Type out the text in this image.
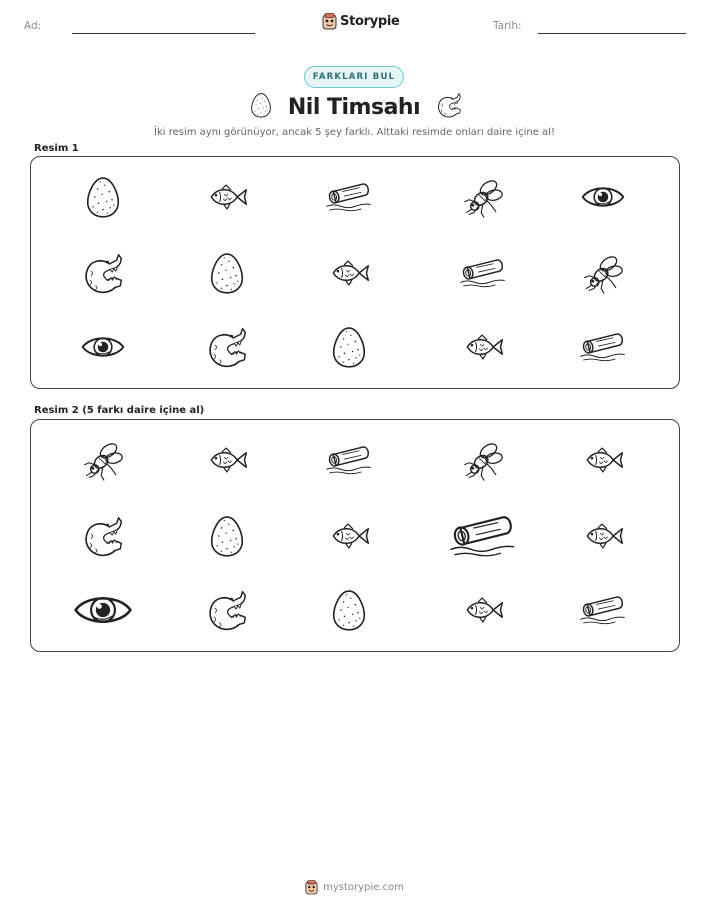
Ad:	Storypie	Tarih:
FARKLARI BUL
Nil Timsahı
İki resim aynı görünüyor, ancak 5 şey farklı. Alttaki resimde onları daire içine al!
Resim 1
Resim 2 (5 farkı daire içine al)
mystorypie.com
